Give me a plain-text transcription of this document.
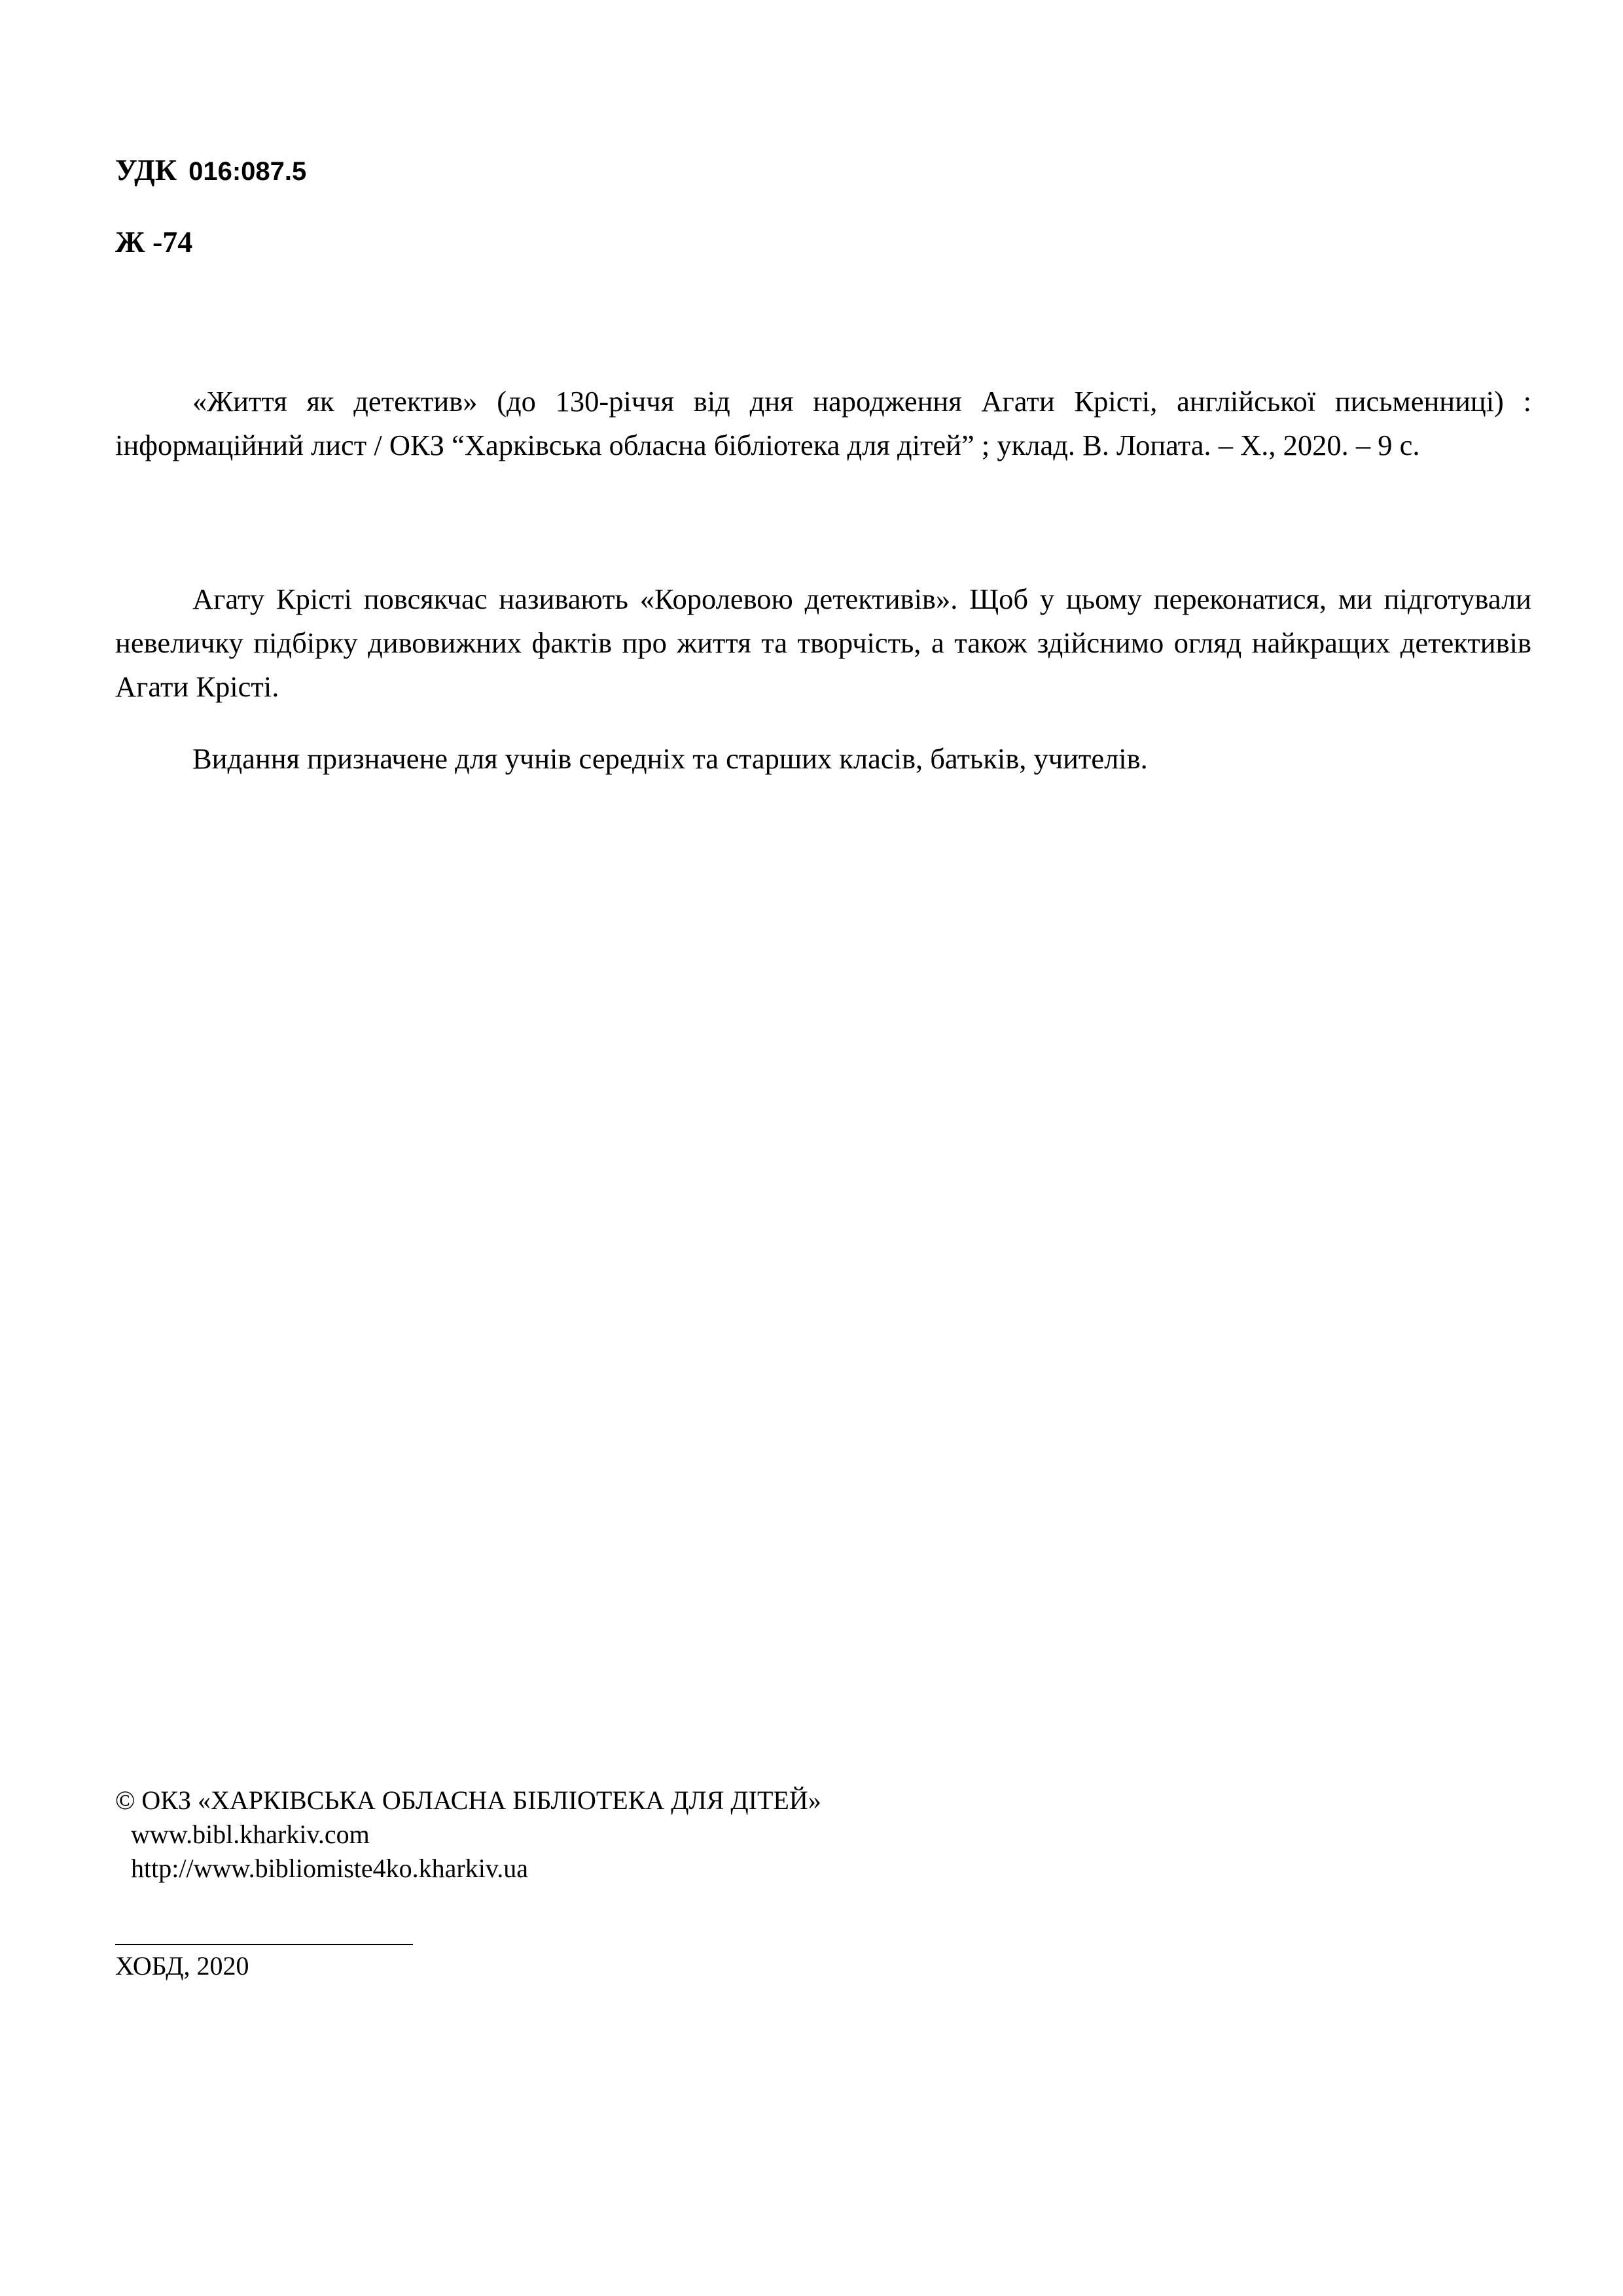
УДК 016:087.5
Ж -74

«Життя як детектив» (до 130-річчя від дня народження Агати Крісті, англійської письменниці) : інформаційний лист / ОКЗ “Харківська обласна бібліотека для дітей” ; уклад. В. Лопата. – Х., 2020. – 9 с.

Агату Крісті повсякчас називають «Королевою детективів». Щоб у цьому переконатися, ми підготували невеличку підбірку дивовижних фактів про життя та творчість, а також здійснимо огляд найкращих детективів Агати Крісті.

Видання призначене для учнів середніх та старших класів, батьків, учителів.

© ОКЗ «ХАРКІВСЬКА ОБЛАСНА БІБЛІОТЕКА ДЛЯ ДІТЕЙ»
www.bibl.kharkiv.com
http://www.bibliomiste4ko.kharkiv.ua
ХОБД, 2020
